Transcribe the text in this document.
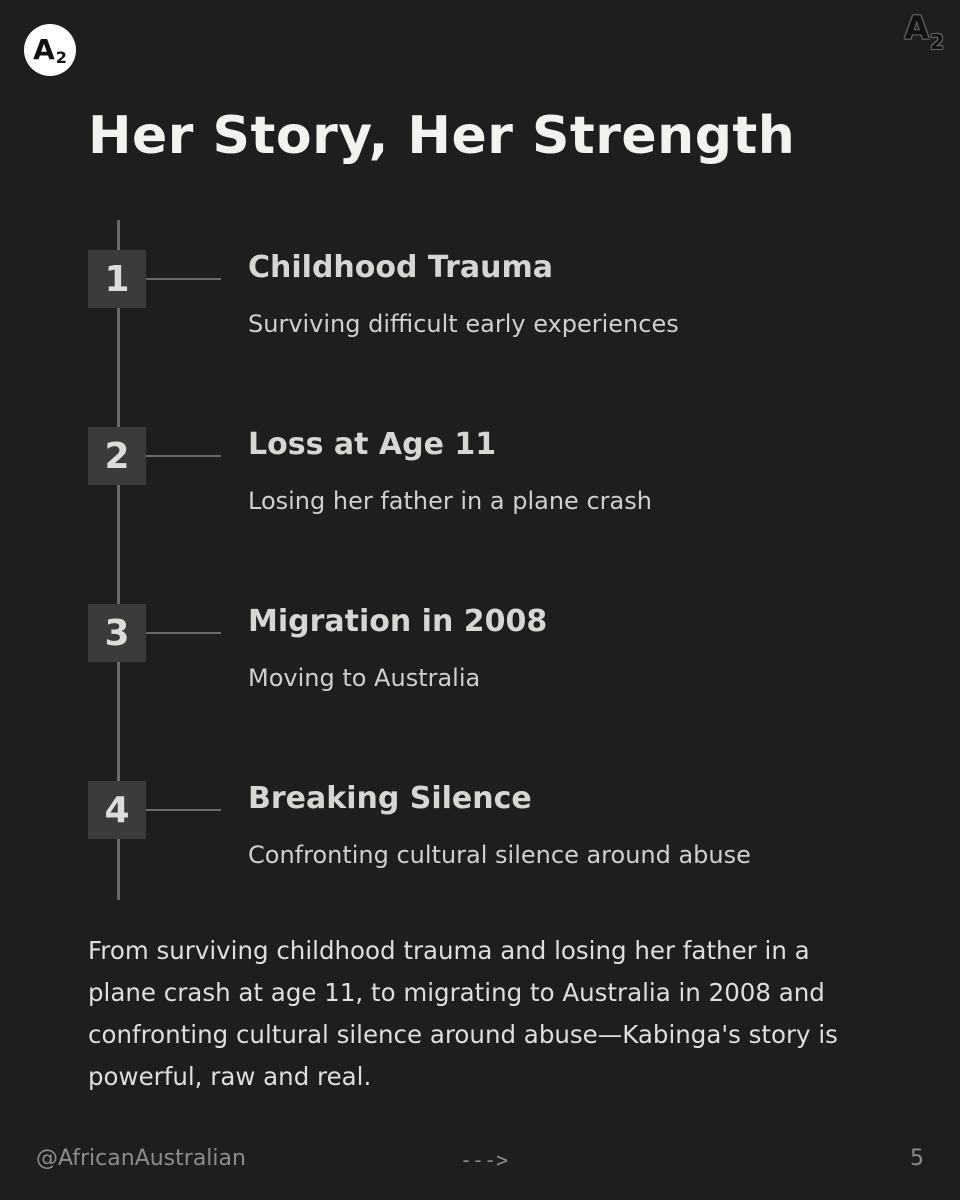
A 2
A 2
Her Story, Her Strength
1	Childhood Trauma
Surviving difficult early experiences
2	Loss at Age 11
Losing her father in a plane crash
3	Migration in 2008
Moving to Australia
4	Breaking Silence
Confronting cultural silence around abuse

From surviving childhood trauma and losing her father in a plane crash at age 11, to migrating to Australia in 2008 and confronting cultural silence around abuse—Kabinga's story is powerful, raw and real.

@AfricanAustralian	--->	5
